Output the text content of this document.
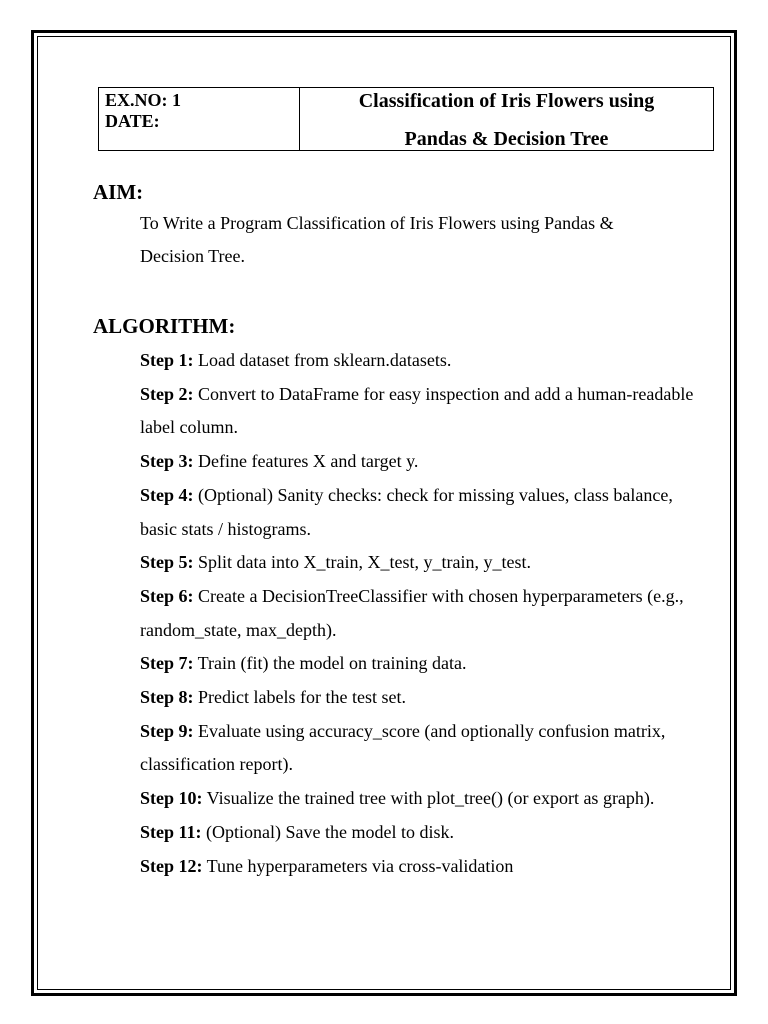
EX.NO: 1
DATE:
Classification of Iris Flowers using
Pandas & Decision Tree
AIM:
To Write a Program Classification of Iris Flowers using Pandas & Decision Tree.
ALGORITHM:
Step 1: Load dataset from sklearn.datasets.
Step 2: Convert to DataFrame for easy inspection and add a human-readable label column.
Step 3: Define features X and target y.
Step 4: (Optional) Sanity checks: check for missing values, class balance, basic stats / histograms.
Step 5: Split data into X_train, X_test, y_train, y_test.
Step 6: Create a DecisionTreeClassifier with chosen hyperparameters (e.g., random_state, max_depth).
Step 7: Train (fit) the model on training data.
Step 8: Predict labels for the test set.
Step 9: Evaluate using accuracy_score (and optionally confusion matrix, classification report).
Step 10: Visualize the trained tree with plot_tree() (or export as graph).
Step 11: (Optional) Save the model to disk.
Step 12: Tune hyperparameters via cross-validation
